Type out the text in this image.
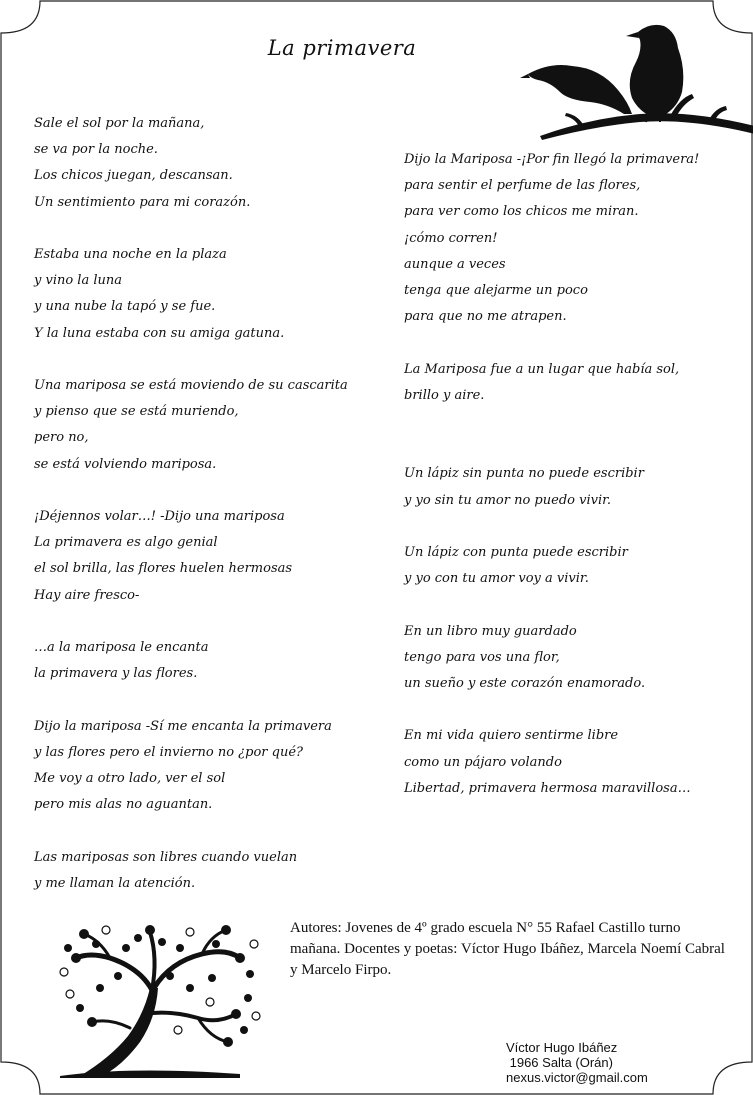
La primavera
Sale el sol por la mañana,
se va por la noche.
Los chicos juegan, descansan.
Un sentimiento para mi corazón.

Estaba una noche en la plaza
y vino la luna
y una nube la tapó y se fue.
Y la luna estaba con su amiga gatuna.

Una mariposa se está moviendo de su cascarita
y pienso que se está muriendo,
pero no,
se está volviendo mariposa.

¡Déjennos volar…! -Dijo una mariposa
La primavera es algo genial
el sol brilla, las flores huelen hermosas
Hay aire fresco-

…a la mariposa le encanta
la primavera y las flores.

Dijo la mariposa -Sí me encanta la primavera
y las flores pero el invierno no ¿por qué?
Me voy a otro lado, ver el sol
pero mis alas no aguantan.

Las mariposas son libres cuando vuelan
y me llaman la atención.
Dijo la Mariposa -¡Por fin llegó la primavera!
para sentir el perfume de las flores,
para ver como los chicos me miran.
¡cómo corren!
aunque a veces
tenga que alejarme un poco
para que no me atrapen.

La Mariposa fue a un lugar que había sol,
brillo y aire.

Un lápiz sin punta no puede escribir
y yo sin tu amor no puedo vivir.

Un lápiz con punta puede escribir
y yo con tu amor voy a vivir.

En un libro muy guardado
tengo para vos una flor,
un sueño y este corazón enamorado.

En mi vida quiero sentirme libre
como un pájaro volando
Libertad, primavera hermosa maravillosa…
Autores: Jovenes de 4º grado escuela N° 55 Rafael Castillo turno mañana. Docentes y poetas: Víctor Hugo Ibáñez, Marcela Noemí Cabral y Marcelo Firpo.
Víctor Hugo Ibáñez
1966 Salta (Orán)
nexus.victor@gmail.com
